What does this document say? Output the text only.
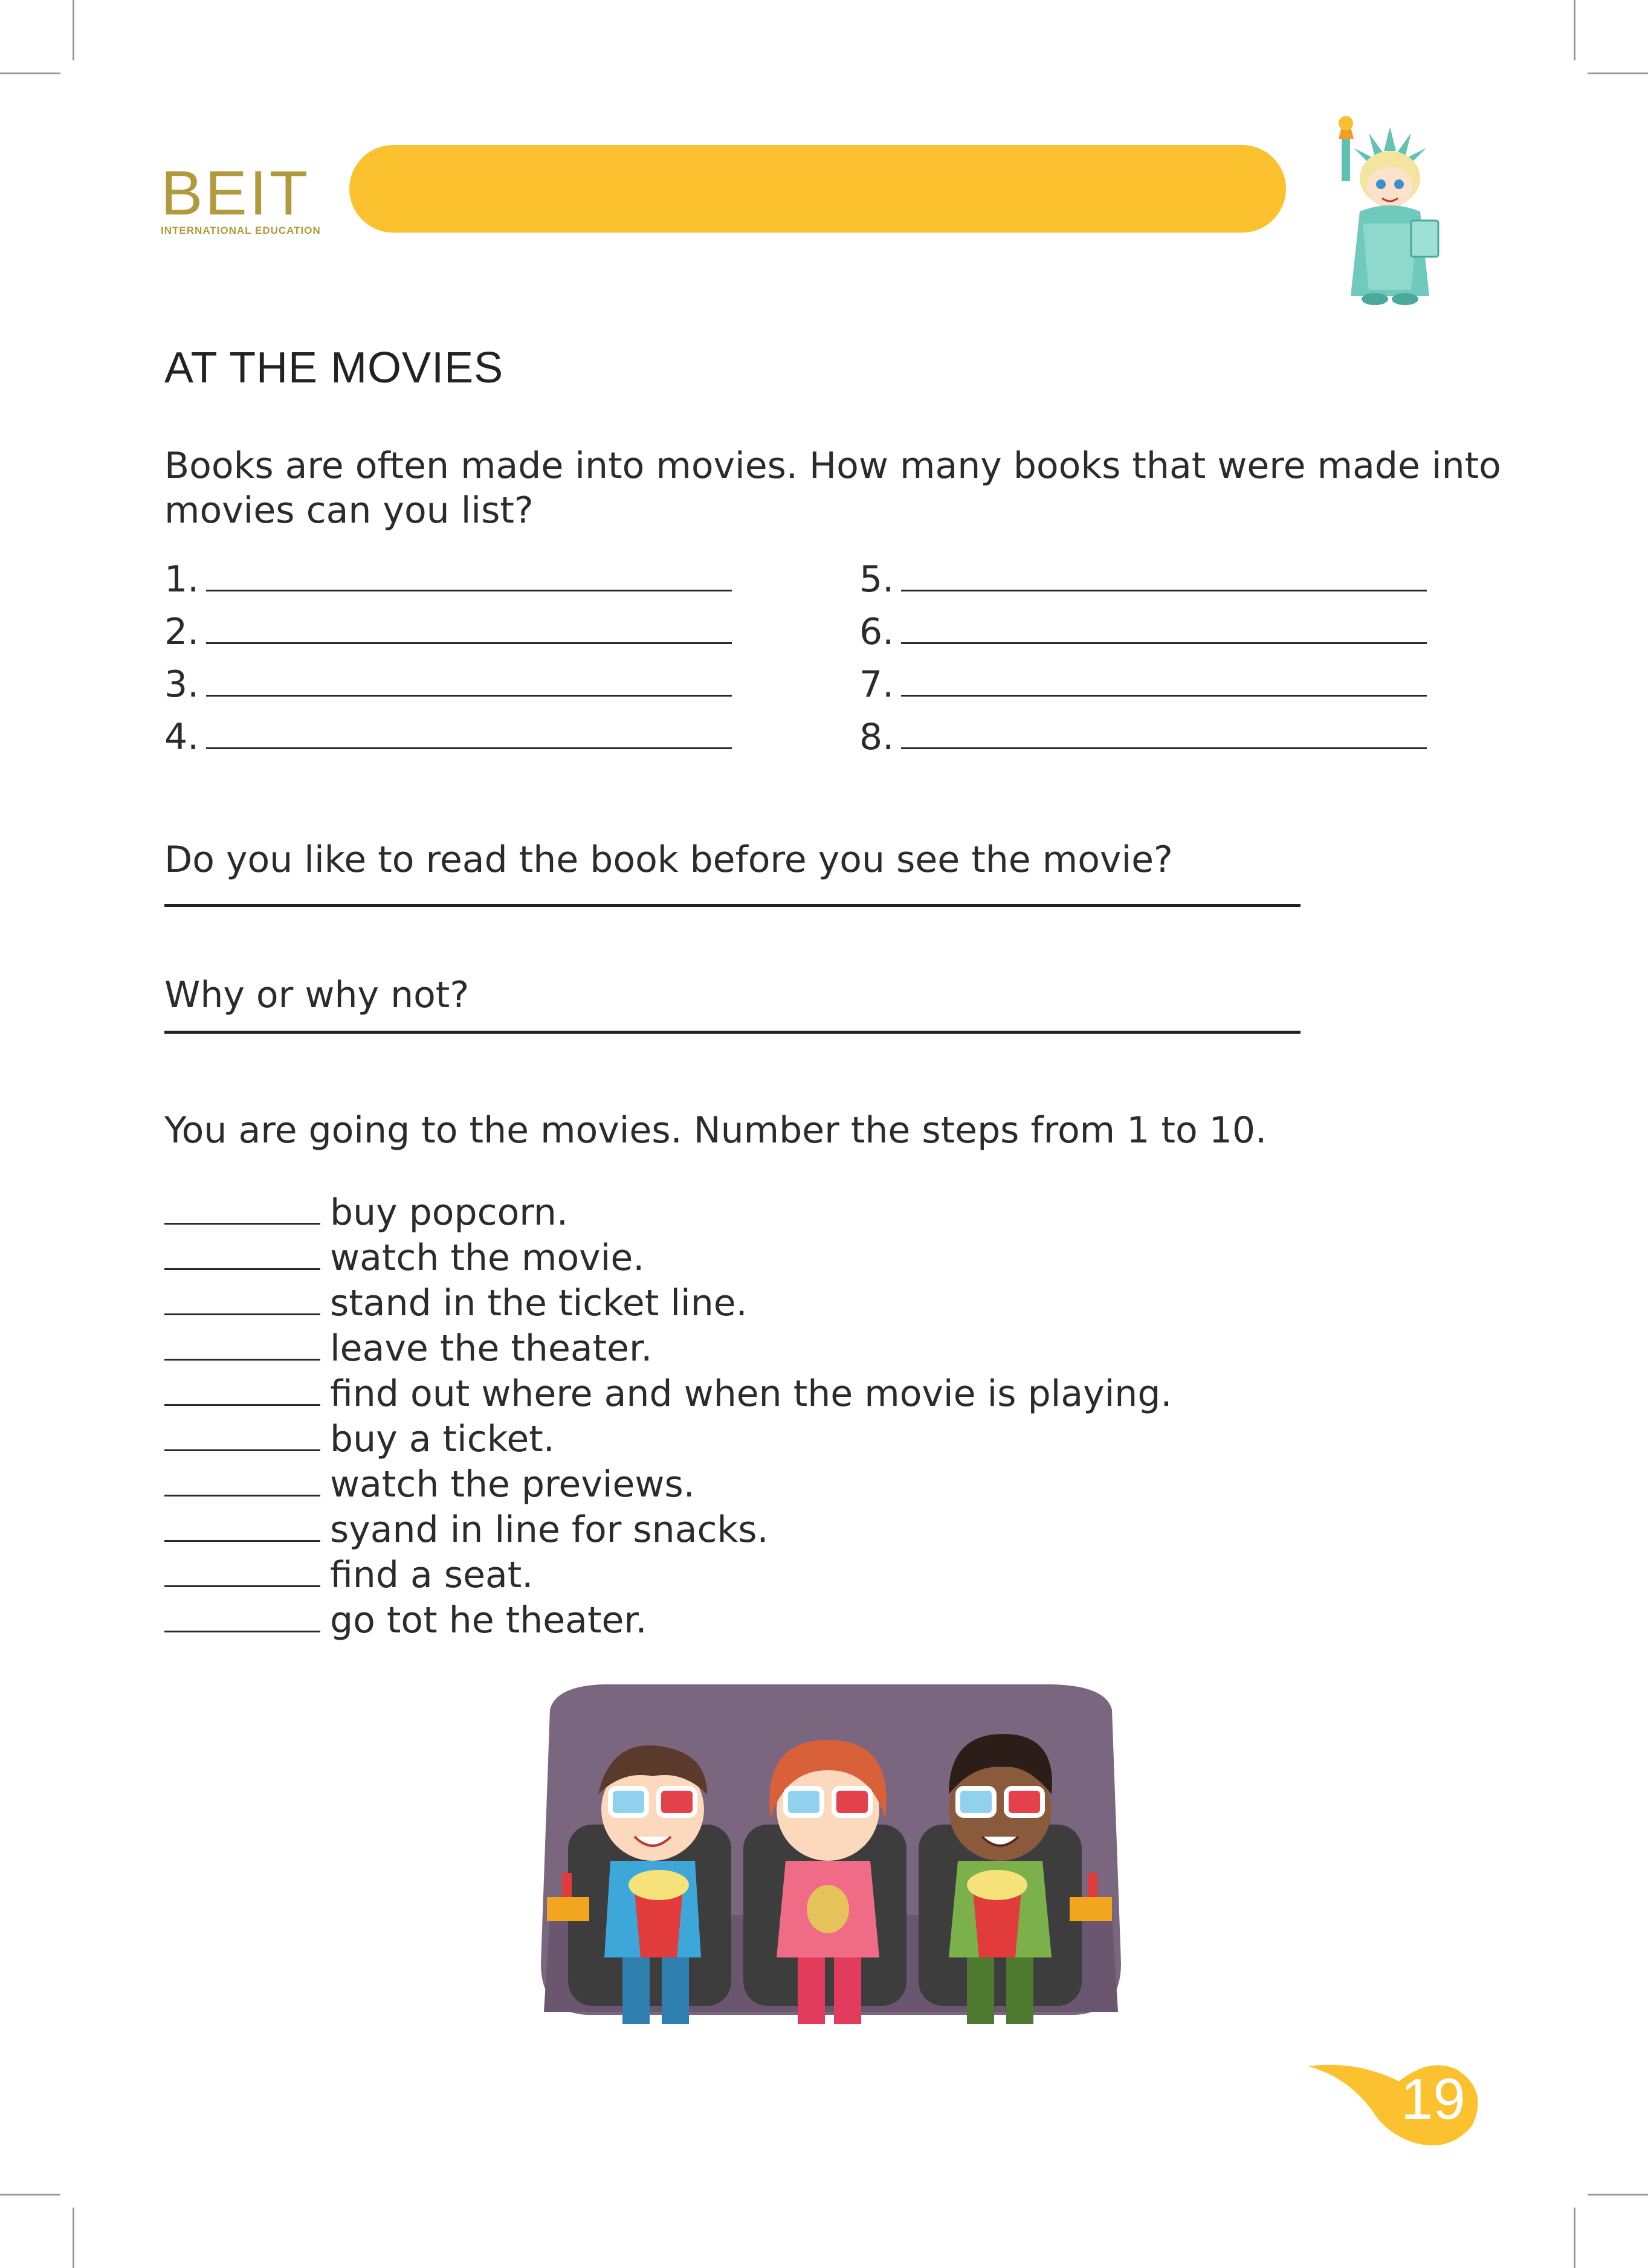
BEIT
INTERNATIONAL EDUCATION
AT THE MOVIES
Books are often made into movies. How many books that were made into movies can you list?
1.
2.
3.
4.
5.
6.
7.
8.
Do you like to read the book before you see the movie?
Why or why not?
You are going to the movies. Number the steps from 1 to 10.
buy popcorn.
watch the movie.
stand in the ticket line.
leave the theater.
find out where and when the movie is playing.
buy a ticket.
watch the previews.
syand in line for snacks.
find a seat.
go tot he theater.
19
